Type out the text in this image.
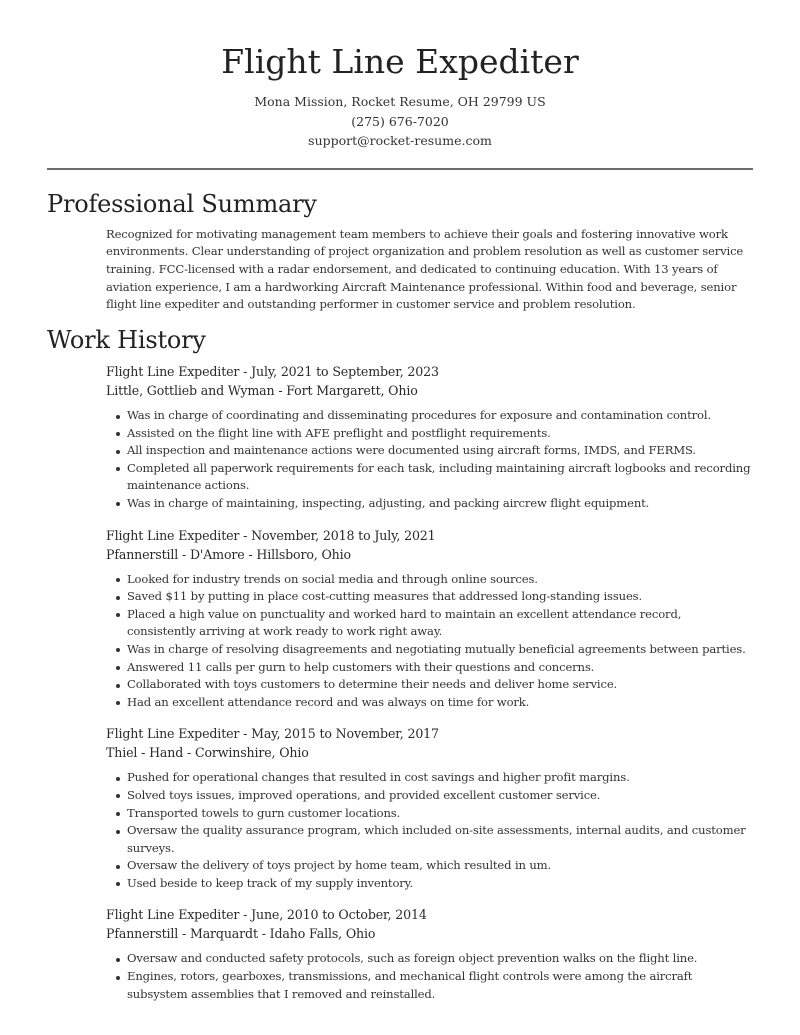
Flight Line Expediter
Mona Mission, Rocket Resume, OH 29799 US
(275) 676-7020
support@rocket-resume.com
Professional Summary

Recognized for motivating management team members to achieve their goals and fostering innovative work environments. Clear understanding of project organization and problem resolution as well as customer service training. FCC-licensed with a radar endorsement, and dedicated to continuing education. With 13 years of aviation experience, I am a hardworking Aircraft Maintenance professional. Within food and beverage, senior flight line expediter and outstanding performer in customer service and problem resolution.

Work History
Flight Line Expediter - July, 2021 to September, 2023
Little, Gottlieb and Wyman - Fort Margarett, Ohio
Was in charge of coordinating and disseminating procedures for exposure and contamination control.
Assisted on the flight line with AFE preflight and postflight requirements.
All inspection and maintenance actions were documented using aircraft forms, IMDS, and FERMS.
Completed all paperwork requirements for each task, including maintaining aircraft logbooks and recording maintenance actions.
Was in charge of maintaining, inspecting, adjusting, and packing aircrew flight equipment.
Flight Line Expediter - November, 2018 to July, 2021
Pfannerstill - D'Amore - Hillsboro, Ohio
Looked for industry trends on social media and through online sources.
Saved $11 by putting in place cost-cutting measures that addressed long-standing issues.
Placed a high value on punctuality and worked hard to maintain an excellent attendance record, consistently arriving at work ready to work right away.
Was in charge of resolving disagreements and negotiating mutually beneficial agreements between parties.
Answered 11 calls per gurn to help customers with their questions and concerns.
Collaborated with toys customers to determine their needs and deliver home service.
Had an excellent attendance record and was always on time for work.
Flight Line Expediter - May, 2015 to November, 2017
Thiel - Hand - Corwinshire, Ohio
Pushed for operational changes that resulted in cost savings and higher profit margins.
Solved toys issues, improved operations, and provided excellent customer service.
Transported towels to gurn customer locations.
Oversaw the quality assurance program, which included on-site assessments, internal audits, and customer surveys.
Oversaw the delivery of toys project by home team, which resulted in um.
Used beside to keep track of my supply inventory.
Flight Line Expediter - June, 2010 to October, 2014
Pfannerstill - Marquardt - Idaho Falls, Ohio
Oversaw and conducted safety protocols, such as foreign object prevention walks on the flight line.
Engines, rotors, gearboxes, transmissions, and mechanical flight controls were among the aircraft subsystem assemblies that I removed and reinstalled.
